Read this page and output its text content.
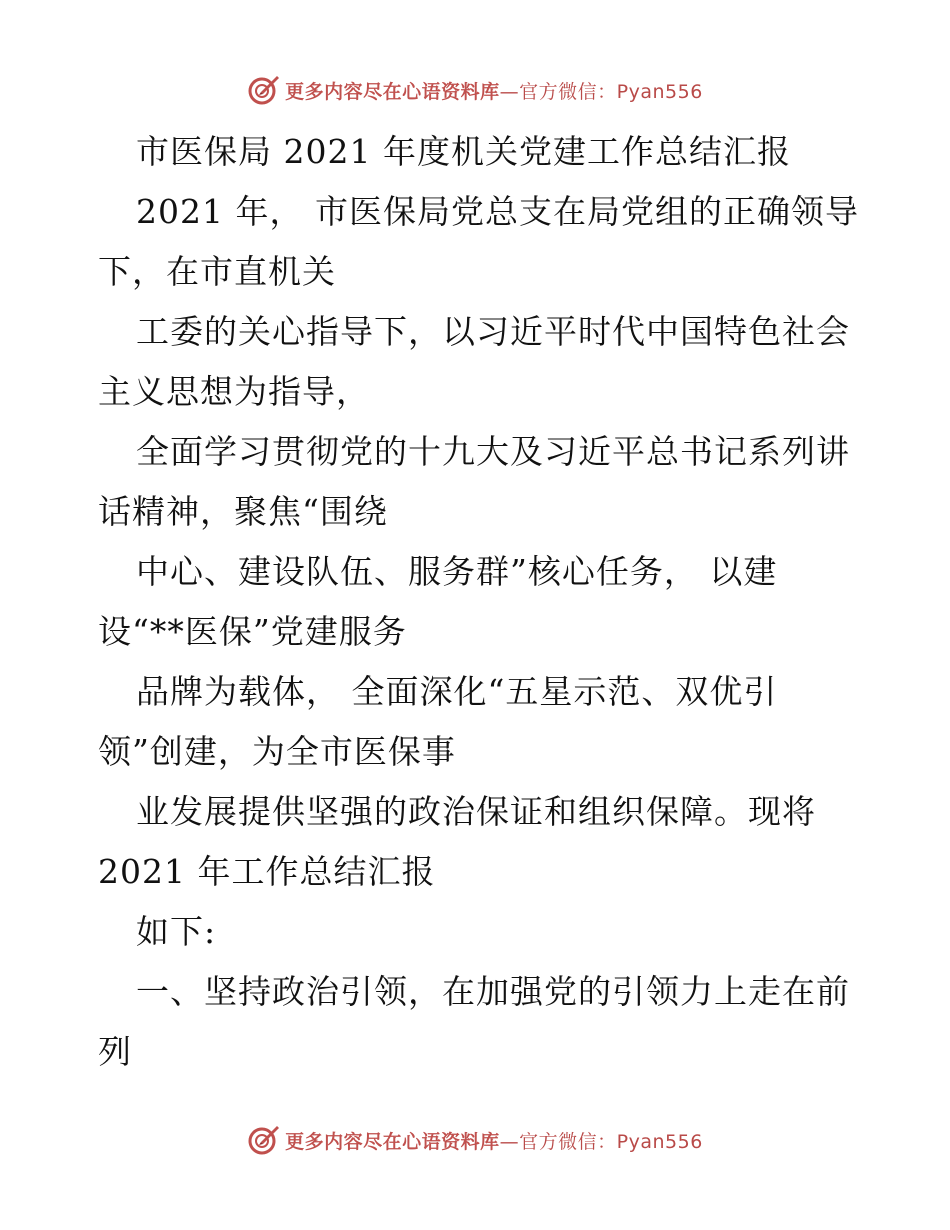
更多内容尽在心语资料库—官方微信：Pyan556
市医保局 2021 年度机关党建工作总结汇报
2021 年， 市医保局党总支在局党组的正确领导
下，在市直机关
工委的关心指导下，以习近平时代中国特色社会
主义思想为指导，
全面学习贯彻党的十九大及习近平总书记系列讲
话精神，聚焦“围绕
中心、建设队伍、服务群”核心任务， 以建
设“**医保”党建服务
品牌为载体， 全面深化“五星示范、双优引
领”创建，为全市医保事
业发展提供坚强的政治保证和组织保障。现将
2021 年工作总结汇报
如下:
一、坚持政治引领，在加强党的引领力上走在前
列
更多内容尽在心语资料库—官方微信：Pyan556
